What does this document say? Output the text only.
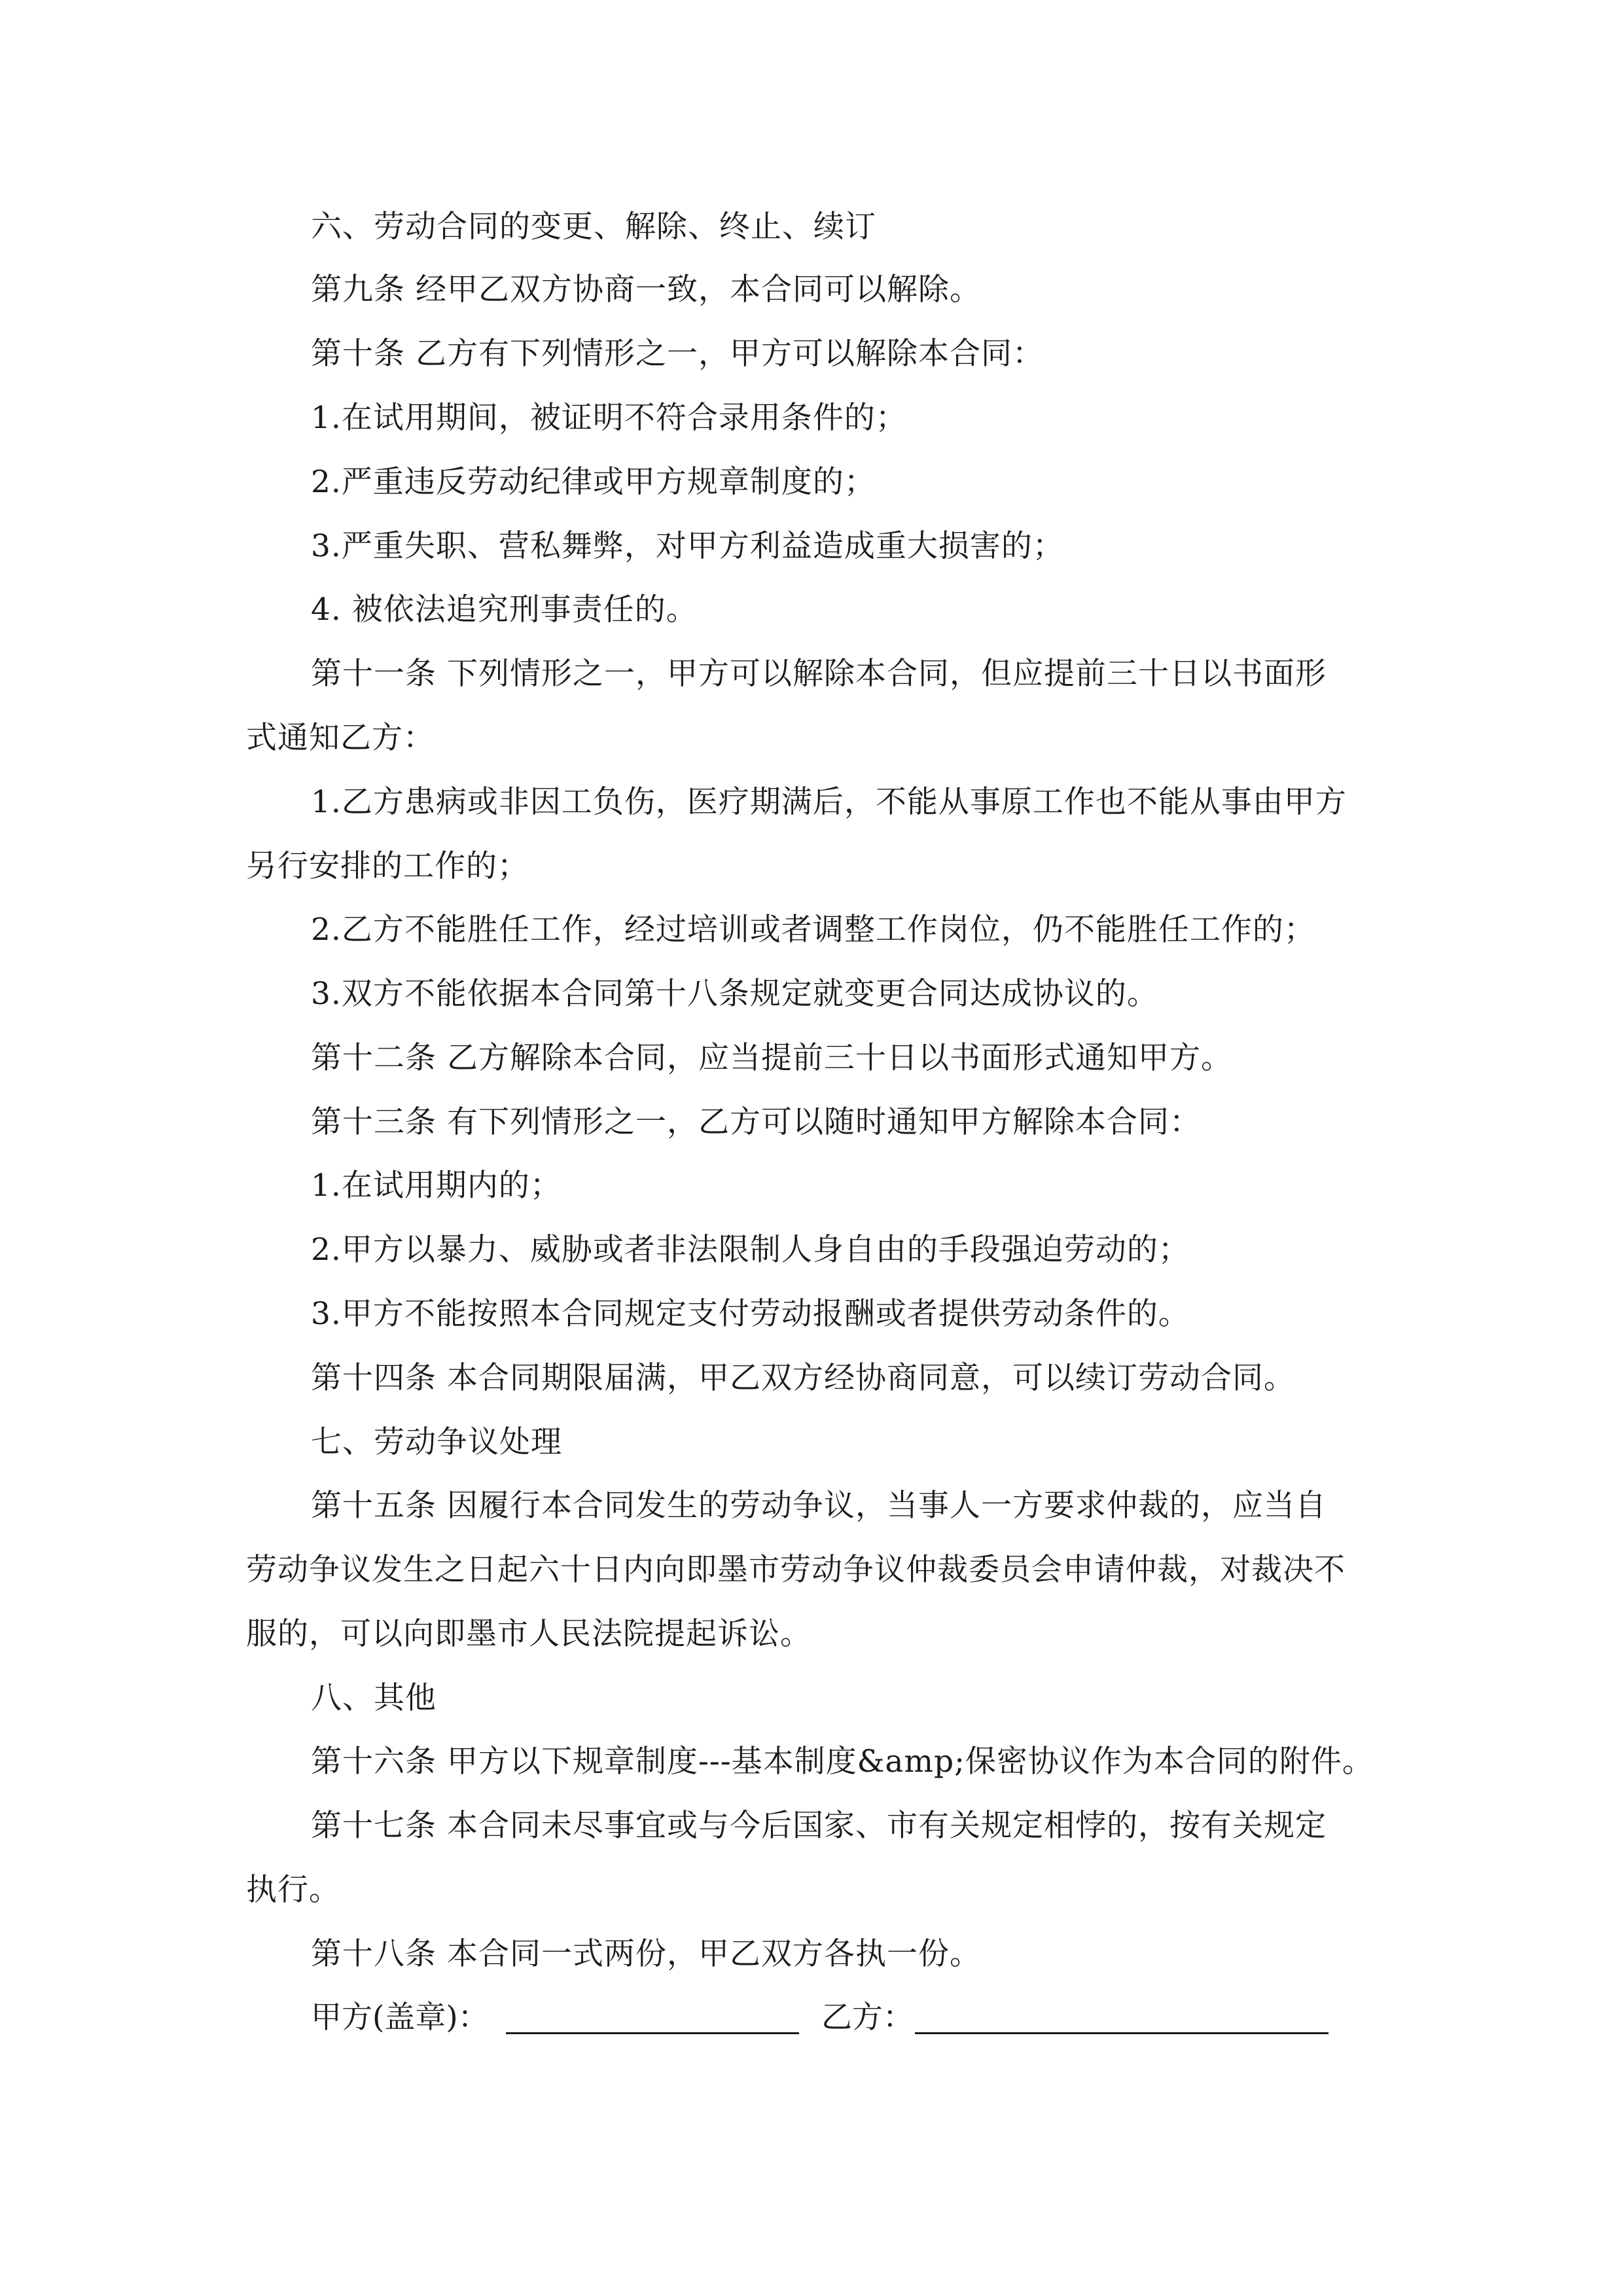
六、劳动合同的变更、解除、终止、续订
第九条 经甲乙双方协商一致，本合同可以解除。
第十条 乙方有下列情形之一，甲方可以解除本合同：
1.在试用期间，被证明不符合录用条件的；
2.严重违反劳动纪律或甲方规章制度的；
3.严重失职、营私舞弊，对甲方利益造成重大损害的；
4. 被依法追究刑事责任的。
第十一条 下列情形之一，甲方可以解除本合同，但应提前三十日以书面形
式通知乙方：
1.乙方患病或非因工负伤，医疗期满后，不能从事原工作也不能从事由甲方
另行安排的工作的；
2.乙方不能胜任工作，经过培训或者调整工作岗位，仍不能胜任工作的；
3.双方不能依据本合同第十八条规定就变更合同达成协议的。
第十二条 乙方解除本合同，应当提前三十日以书面形式通知甲方。
第十三条 有下列情形之一，乙方可以随时通知甲方解除本合同：
1.在试用期内的；
2.甲方以暴力、威胁或者非法限制人身自由的手段强迫劳动的；
3.甲方不能按照本合同规定支付劳动报酬或者提供劳动条件的。
第十四条 本合同期限届满，甲乙双方经协商同意，可以续订劳动合同。
七、劳动争议处理
第十五条 因履行本合同发生的劳动争议，当事人一方要求仲裁的，应当自
劳动争议发生之日起六十日内向即墨市劳动争议仲裁委员会申请仲裁，对裁决不
服的，可以向即墨市人民法院提起诉讼。
八、其他
第十六条 甲方以下规章制度---基本制度&amp;保密协议作为本合同的附件。
第十七条 本合同未尽事宜或与今后国家、市有关规定相悖的，按有关规定
执行。
第十八条 本合同一式两份，甲乙双方各执一份。
甲方(盖章)：	乙方：
